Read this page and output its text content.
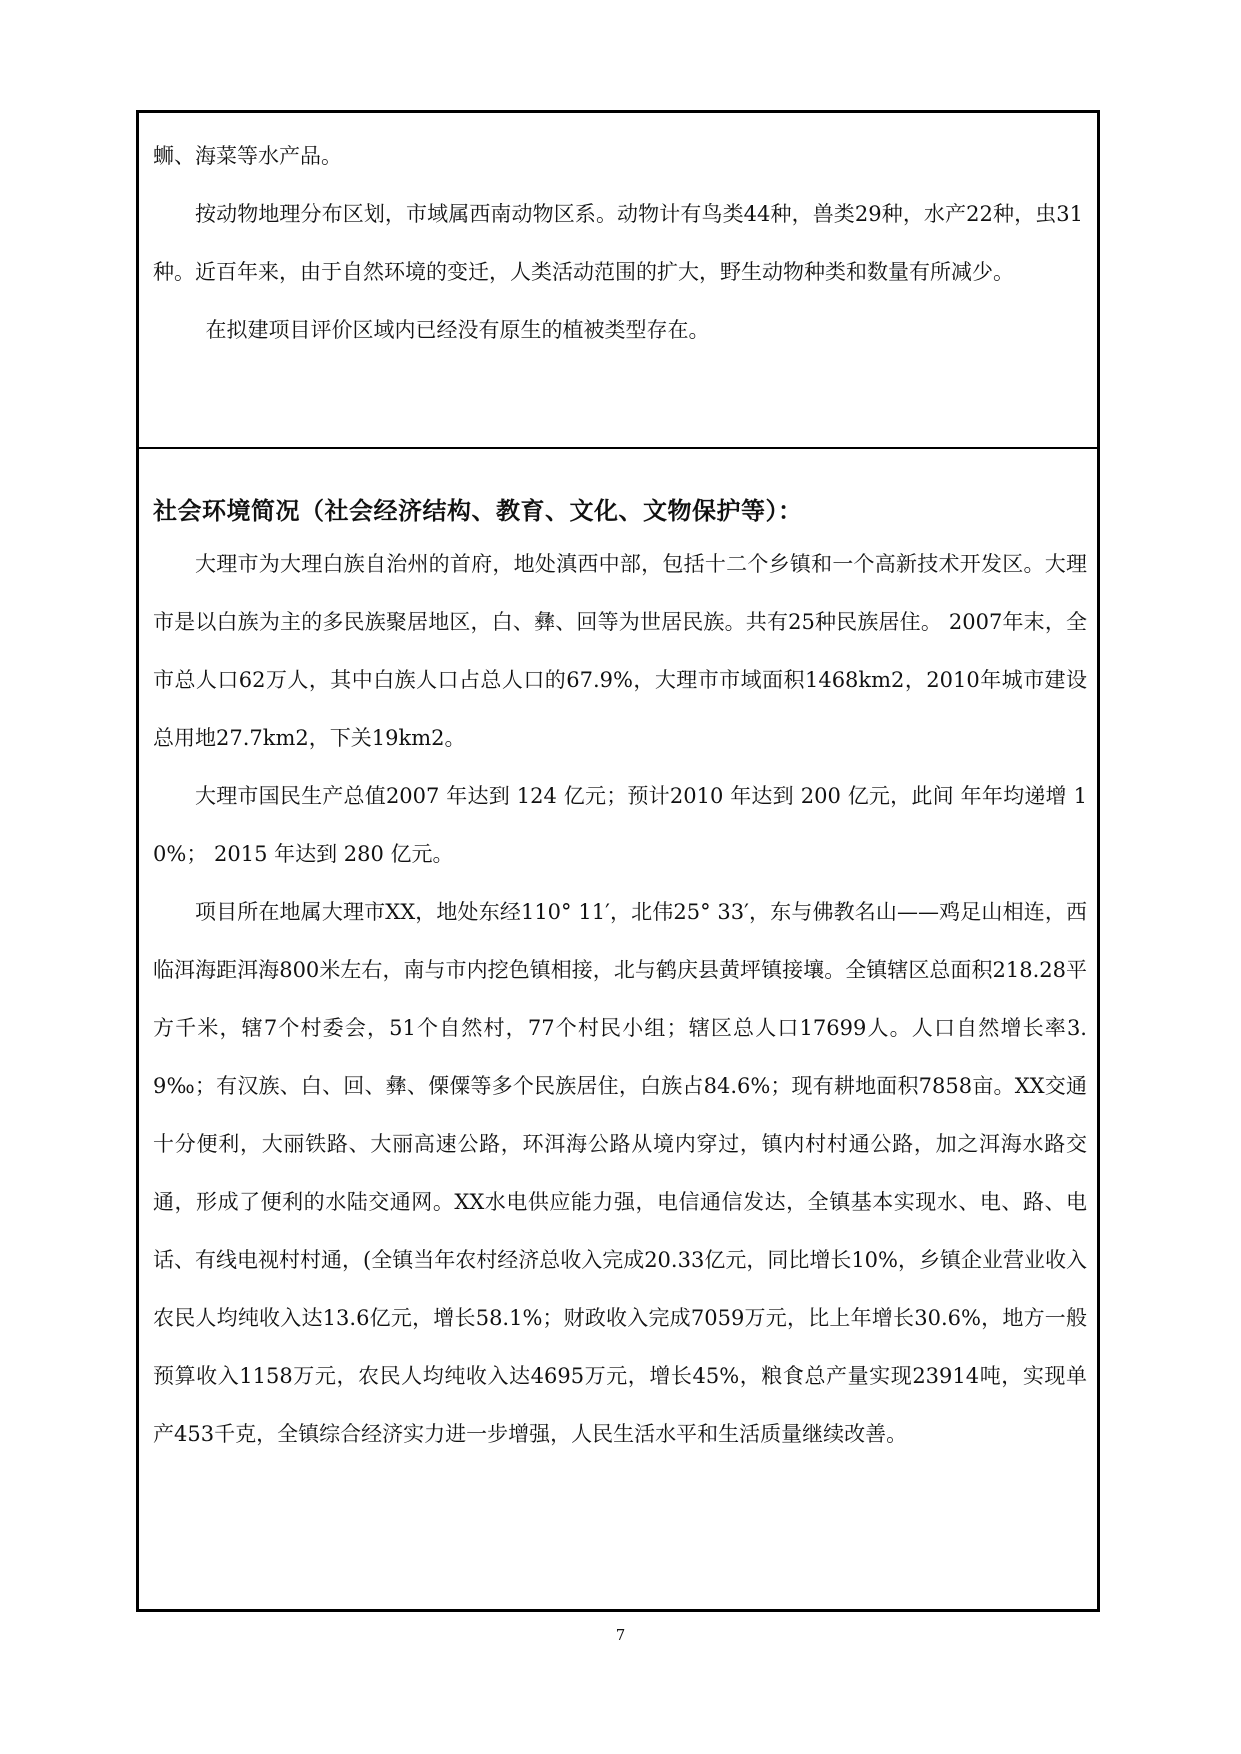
蛳、海菜等水产品。

按动物地理分布区划，市域属西南动物区系。动物计有鸟类44种，兽类29种，水产22种，虫31种。近百年来，由于自然环境的变迁，人类活动范围的扩大，野生动物种类和数量有所减少。

在拟建项目评价区域内已经没有原生的植被类型存在。

社会环境简况（社会经济结构、教育、文化、文物保护等）：

大理市为大理白族自治州的首府，地处滇西中部，包括十二个乡镇和一个高新技术开发区。大理市是以白族为主的多民族聚居地区，白、彝、回等为世居民族。共有25种民族居住。 2007年末，全市总人口62万人，其中白族人口占总人口的67.9%，大理市市域面积1468km2，2010年城市建设总用地27.7km2，下关19km2。

大理市国民生产总值2007 年达到 124 亿元；预计2010 年达到 200 亿元，此间 年年均递增 10%； 2015 年达到 280 亿元。

项目所在地属大理市XX，地处东经110° 11′，北伟25° 33′，东与佛教名山——鸡足山相连，西临洱海距洱海800米左右，南与市内挖色镇相接，北与鹤庆县黄坪镇接壤。全镇辖区总面积218.28平方千米，辖7个村委会，51个自然村，77个村民小组；辖区总人口17699人。人口自然增长率3.9‰；有汉族、白、回、彝、傈僳等多个民族居住，白族占84.6%；现有耕地面积7858亩。XX交通十分便利，大丽铁路、大丽高速公路，环洱海公路从境内穿过，镇内村村通公路，加之洱海水路交通，形成了便利的水陆交通网。XX水电供应能力强，电信通信发达，全镇基本实现水、电、路、电话、有线电视村村通，(全镇当年农村经济总收入完成20.33亿元，同比增长10%，乡镇企业营业收入农民人均纯收入达13.6亿元，增长58.1%；财政收入完成7059万元，比上年增长30.6%，地方一般预算收入1158万元，农民人均纯收入达4695万元，增长45%，粮食总产量实现23914吨，实现单产453千克，全镇综合经济实力进一步增强，人民生活水平和生活质量继续改善。

7
